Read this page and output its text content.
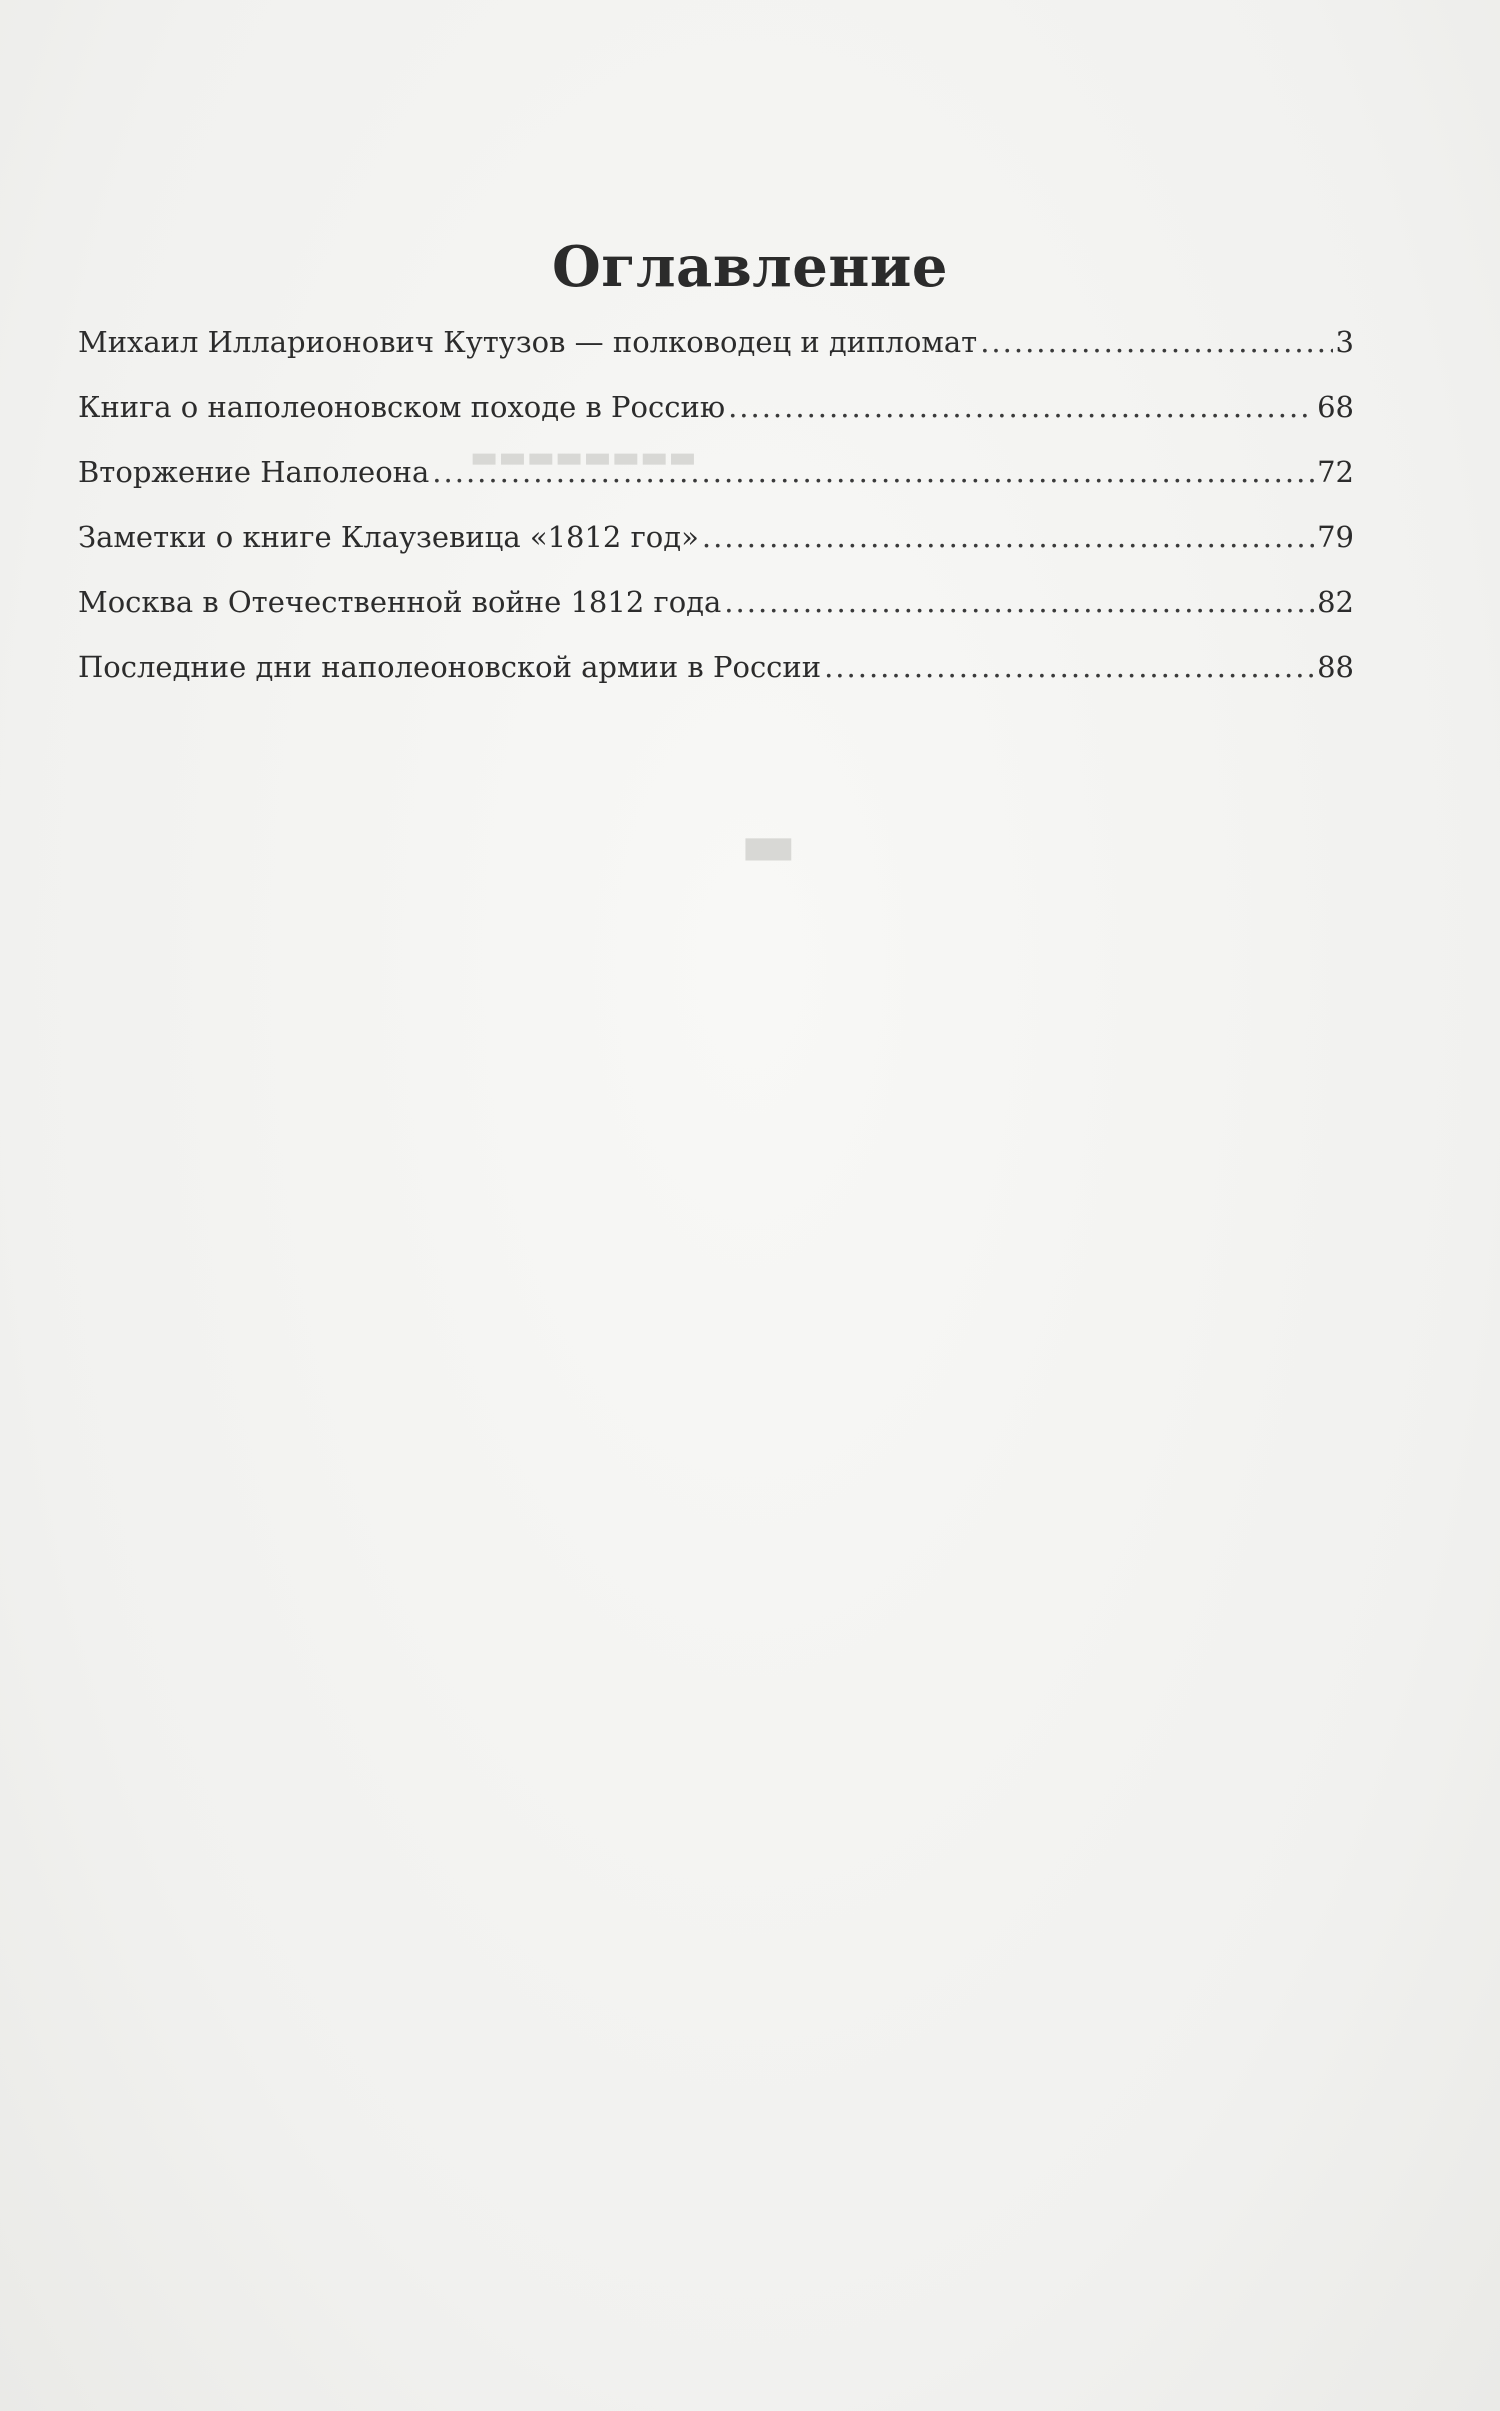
▬▬▬▬▬▬▬▬
▬
Оглавление
Михаил Илларионович Кутузов — полководец и дипломат .....	3
Книга о наполеоновском походе в Россию .....	68
Вторжение Наполеона .....	72
Заметки о книге Клаузевица «1812 год» .....	79
Москва в Отечественной войне 1812 года .....	82
Последние дни наполеоновской армии в России .....	88
